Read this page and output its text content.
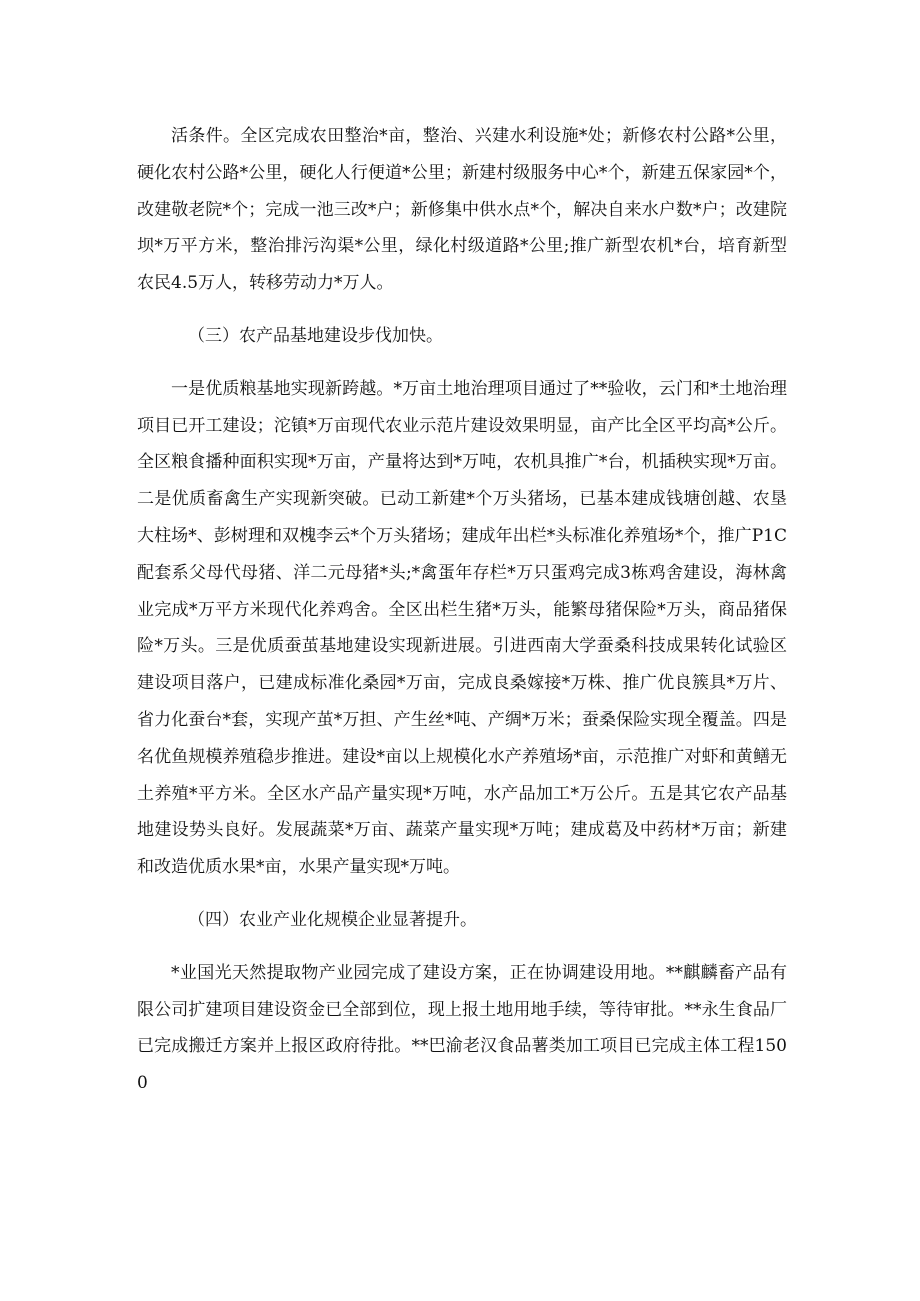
活条件。全区完成农田整治*亩，整治、兴建水利设施*处；新修农村公路*公里，硬化农村公路*公里，硬化人行便道*公里；新建村级服务中心*个，新建五保家园*个，改建敬老院*个；完成一池三改*户；新修集中供水点*个，解决自来水户数*户；改建院坝*万平方米，整治排污沟渠*公里，绿化村级道路*公里;推广新型农机*台，培育新型农民4.5万人，转移劳动力*万人。

（三）农产品基地建设步伐加快。

一是优质粮基地实现新跨越。*万亩土地治理项目通过了**验收，云门和*土地治理项目已开工建设；沱镇*万亩现代农业示范片建设效果明显，亩产比全区平均高*公斤。全区粮食播种面积实现*万亩，产量将达到*万吨，农机具推广*台，机插秧实现*万亩。二是优质畜禽生产实现新突破。已动工新建*个万头猪场，已基本建成钱塘创越、农垦大柱场*、彭树理和双槐李云*个万头猪场；建成年出栏*头标准化养殖场*个，推广P1C配套系父母代母猪、洋二元母猪*头;*禽蛋年存栏*万只蛋鸡完成3栋鸡舍建设，海林禽业完成*万平方米现代化养鸡舍。全区出栏生猪*万头，能繁母猪保险*万头，商品猪保险*万头。三是优质蚕茧基地建设实现新进展。引进西南大学蚕桑科技成果转化试验区建设项目落户，已建成标准化桑园*万亩，完成良桑嫁接*万株、推广优良簇具*万片、省力化蚕台*套，实现产茧*万担、产生丝*吨、产绸*万米；蚕桑保险实现全覆盖。四是名优鱼规模养殖稳步推进。建设*亩以上规模化水产养殖场*亩，示范推广对虾和黄鳝无土养殖*平方米。全区水产品产量实现*万吨，水产品加工*万公斤。五是其它农产品基地建设势头良好。发展蔬菜*万亩、蔬菜产量实现*万吨；建成葛及中药材*万亩；新建和改造优质水果*亩，水果产量实现*万吨。

（四）农业产业化规模企业显著提升。

*业国光天然提取物产业园完成了建设方案，正在协调建设用地。**麒麟畜产品有限公司扩建项目建设资金已全部到位，现上报土地用地手续，等待审批。**永生食品厂已完成搬迁方案并上报区政府待批。**巴渝老汉食品薯类加工项目已完成主体工程1500
